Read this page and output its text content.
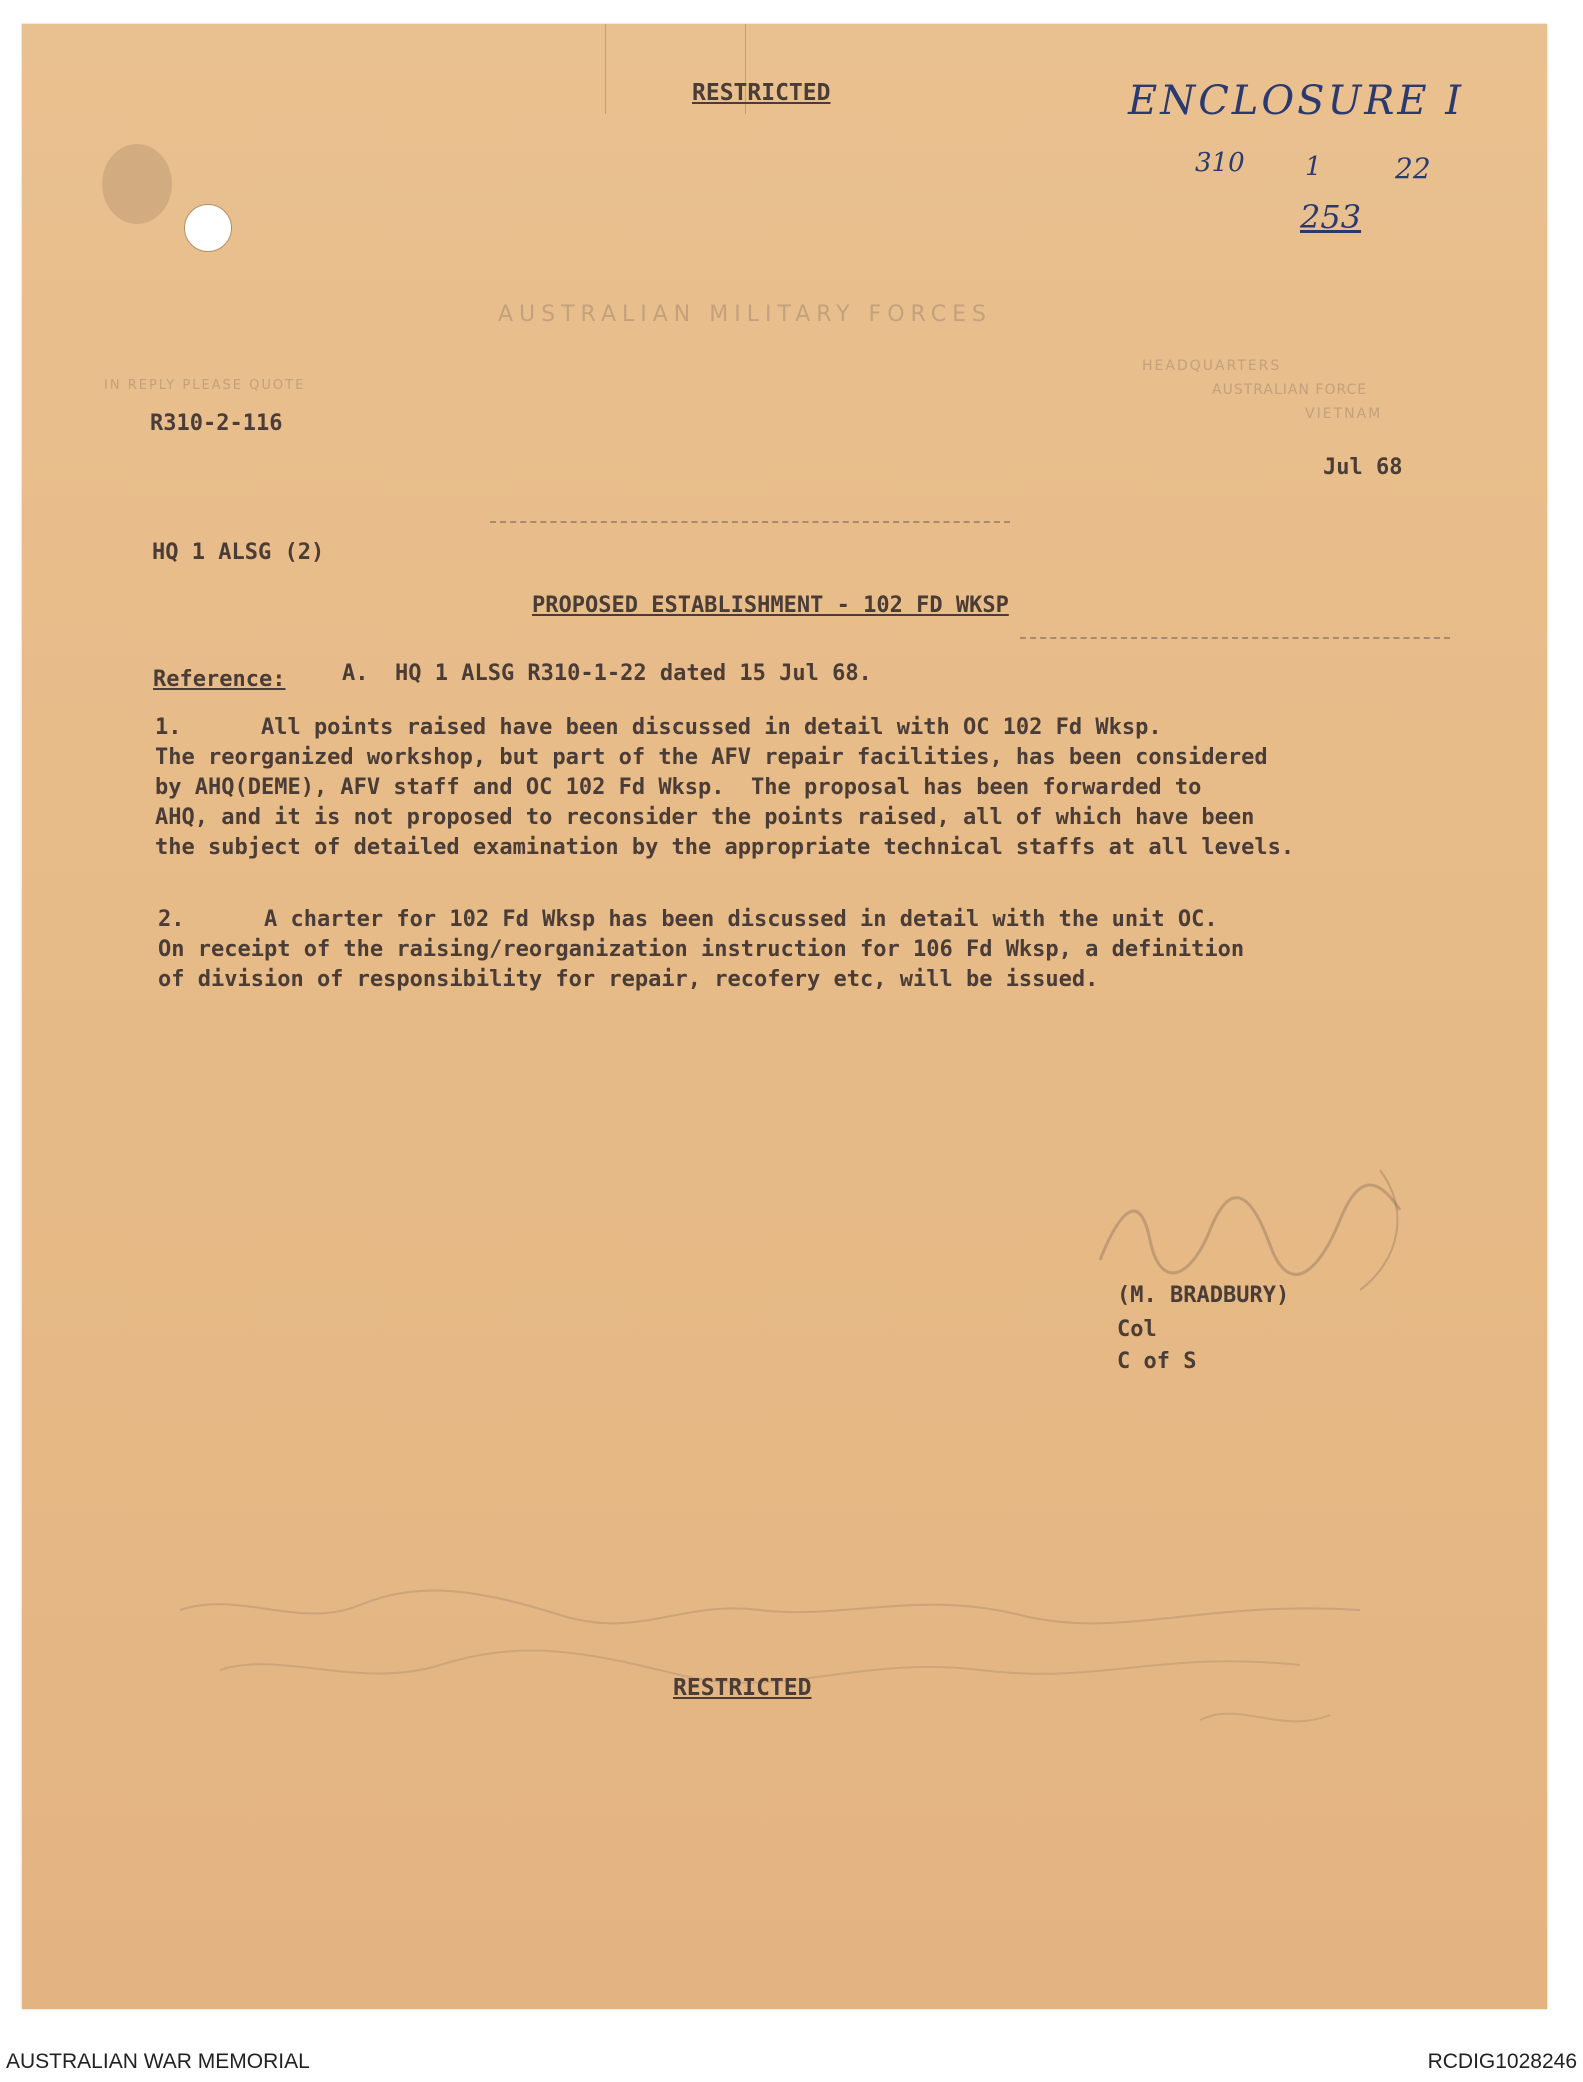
RESTRICTED	ENCLOSURE I
310 1	22
253
AUSTRALIAN MILITARY FORCES
IN REPLY PLEASE QUOTE
HEADQUARTERS
AUSTRALIAN FORCE
VIETNAM
R310-2-116
Jul 68
HQ 1 ALSG (2)
PROPOSED ESTABLISHMENT - 102 FD WKSP
Reference:	A.  HQ 1 ALSG R310-1-22 dated 15 Jul 68.
1.      All points raised have been discussed in detail with OC 102 Fd Wksp.
The reorganized workshop, but part of the AFV repair facilities, has been considered
by AHQ(DEME), AFV staff and OC 102 Fd Wksp.  The proposal has been forwarded to
AHQ, and it is not proposed to reconsider the points raised, all of which have been
the subject of detailed examination by the appropriate technical staffs at all levels.
2.      A charter for 102 Fd Wksp has been discussed in detail with the unit OC.
On receipt of the raising/reorganization instruction for 106 Fd Wksp, a definition
of division of responsibility for repair, recofery etc, will be issued.
(M. BRADBURY)
Col
C of S
RESTRICTED
AUSTRALIAN WAR MEMORIAL	RCDIG1028246
